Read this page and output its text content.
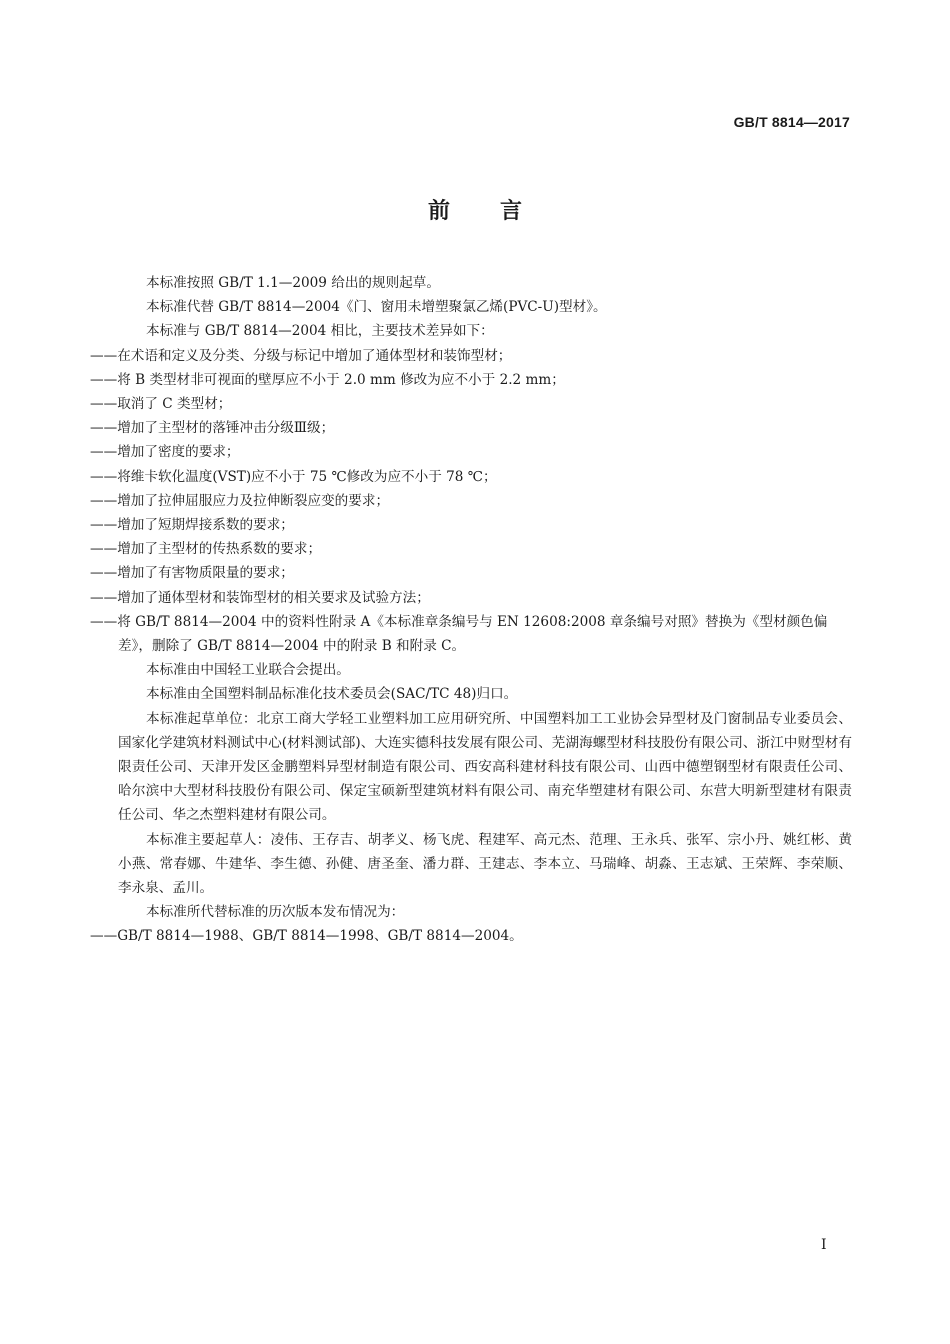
GB/T 8814—2017
前言

本标准按照 GB/T 1.1—2009 给出的规则起草。

本标准代替 GB/T 8814—2004《门、窗用未增塑聚氯乙烯(PVC-U)型材》。

本标准与 GB/T 8814—2004 相比，主要技术差异如下：

——在术语和定义及分类、分级与标记中增加了通体型材和装饰型材；

——将 B 类型材非可视面的壁厚应不小于 2.0 mm 修改为应不小于 2.2 mm；

——取消了 C 类型材；

——增加了主型材的落锤冲击分级Ⅲ级；

——增加了密度的要求；

——将维卡软化温度(VST)应不小于 75 ℃修改为应不小于 78 ℃；

——增加了拉伸屈服应力及拉伸断裂应变的要求；

——增加了短期焊接系数的要求；

——增加了主型材的传热系数的要求；

——增加了有害物质限量的要求；

——增加了通体型材和装饰型材的相关要求及试验方法；

——将 GB/T 8814—2004 中的资料性附录 A《本标准章条编号与 EN 12608:2008 章条编号对照》替换为《型材颜色偏差》，删除了 GB/T 8814—2004 中的附录 B 和附录 C。

本标准由中国轻工业联合会提出。

本标准由全国塑料制品标准化技术委员会(SAC/TC 48)归口。

本标准起草单位：北京工商大学轻工业塑料加工应用研究所、中国塑料加工工业协会异型材及门窗制品专业委员会、国家化学建筑材料测试中心(材料测试部)、大连实德科技发展有限公司、芜湖海螺型材科技股份有限公司、浙江中财型材有限责任公司、天津开发区金鹏塑料异型材制造有限公司、西安高科建材科技有限公司、山西中德塑钢型材有限责任公司、哈尔滨中大型材科技股份有限公司、保定宝硕新型建筑材料有限公司、南充华塑建材有限公司、东营大明新型建材有限责任公司、华之杰塑料建材有限公司。

本标准主要起草人：凌伟、王存吉、胡孝义、杨飞虎、程建军、高元杰、范理、王永兵、张军、宗小丹、姚红彬、黄小燕、常春娜、牛建华、李生德、孙健、唐圣奎、潘力群、王建志、李本立、马瑞峰、胡淼、王志斌、王荣辉、李荣顺、李永泉、孟川。

本标准所代替标准的历次版本发布情况为：

——GB/T 8814—1988、GB/T 8814—1998、GB/T 8814—2004。

I
